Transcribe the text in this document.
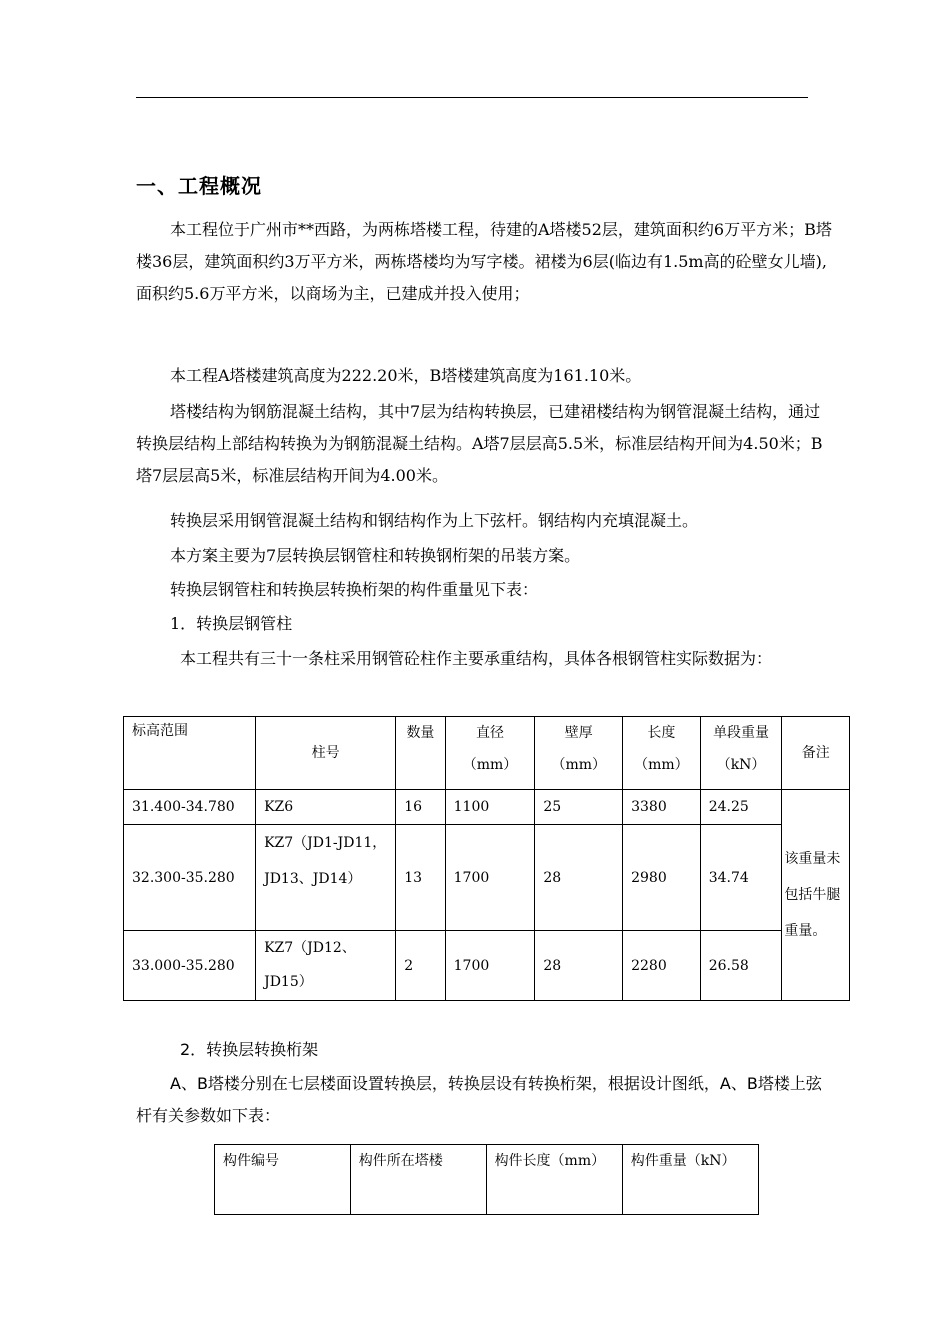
一、工程概况

本工程位于广州市**西路，为两栋塔楼工程，待建的A塔楼52层，建筑面积约6万平方米；B塔楼36层，建筑面积约3万平方米，两栋塔楼均为写字楼。裙楼为6层(临边有1.5m高的砼壁女儿墙),面积约5.6万平方米，以商场为主，已建成并投入使用；

本工程A塔楼建筑高度为222.20米，B塔楼建筑高度为161.10米。

塔楼结构为钢筋混凝土结构，其中7层为结构转换层，已建裙楼结构为钢管混凝土结构，通过转换层结构上部结构转换为为钢筋混凝土结构。A塔7层层高5.5米，标准层结构开间为4.50米；B塔7层层高5米，标准层结构开间为4.00米。

转换层采用钢管混凝土结构和钢结构作为上下弦杆。钢结构内充填混凝土。

本方案主要为7层转换层钢管柱和转换钢桁架的吊装方案。

转换层钢管柱和转换层转换桁架的构件重量见下表：

1．转换层钢管柱

本工程共有三十一条柱采用钢管砼柱作主要承重结构，具体各根钢管柱实际数据为：

标高范围	柱号	数量	直径（mm）	壁厚（mm）	长度（mm）	单段重量（kN）	备注
31.400-34.780	KZ6	16	1100	25	3380	24.25	该重量未包括牛腿重量。
32.300-35.280	KZ7（JD1-JD11，JD13、JD14）	13	1700	28	2980	34.74	
33.000-35.280	KZ7（JD12、JD15）	2	1700	28	2280	26.58	

2．转换层转换桁架

A、B塔楼分别在七层楼面设置转换层，转换层设有转换桁架，根据设计图纸，A、B塔楼上弦杆有关参数如下表：

构件编号	构件所在塔楼	构件长度（mm）	构件重量（kN）
